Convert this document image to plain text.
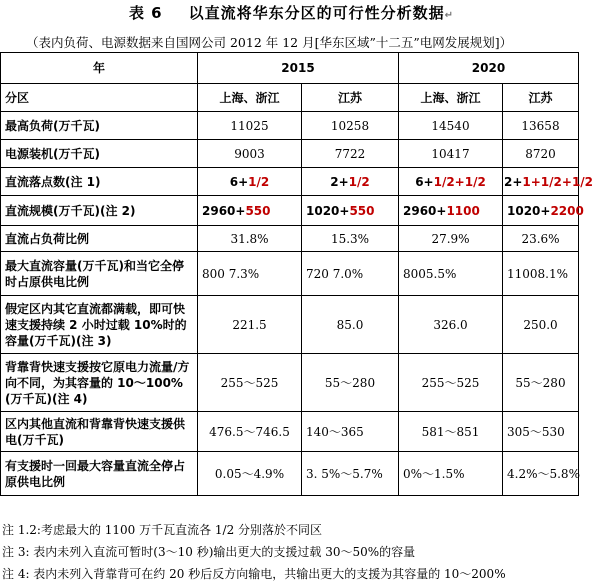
表 6 以直流将华东分区的可行性分析数据↵
（表内负荷、电源数据来自国网公司 2012 年 12 月[华东区域”十二五”电网发展规划]）
年	2015		2020	
分区	上海、浙江	江苏	上海、浙江	江苏
最高负荷(万千瓦)	11025	10258	14540	13658
电源装机(万千瓦)	9003	7722	10417	8720
直流落点数(注 1)	6+1/2	2+1/2	6+1/2+1/2	2+1+1/2+1/2
直流规模(万千瓦)(注 2)	2960+550	1020+550	2960+1100	1020+2200
直流占负荷比例	31.8%	15.3%	27.9%	23.6%
最大直流容量(万千瓦)和当它全停时占原供电比例	800 7.3%	720 7.0%	8005.5%	11008.1%
假定区内其它直流都满载，即可快速支援持续 2 小时过载 10%时的容量(万千瓦)(注 3)	221.5	85.0	326.0	250.0
背靠背快速支援按它原电力流量/方向不同，为其容量的 10～100%(万千瓦)(注 4)	255～525	55～280	255～525	55～280
区内其他直流和背靠背快速支援供电(万千瓦)	476.5～746.5	140～365	581～851	305～530
有支援时一回最大容量直流全停占原供电比例	0.05～4.9%	3. 5%～5.7%	0%～1.5%	4.2%～5.8%
注 1.2:考虑最大的 1100 万千瓦直流各 1/2 分别落於不同区
注 3: 表内未列入直流可暂时(3～10 秒)输出更大的支援过载 30～50%的容量
注 4: 表内未列入背靠背可在约 20 秒后反方向输电，共输出更大的支援为其容量的 10～200%
